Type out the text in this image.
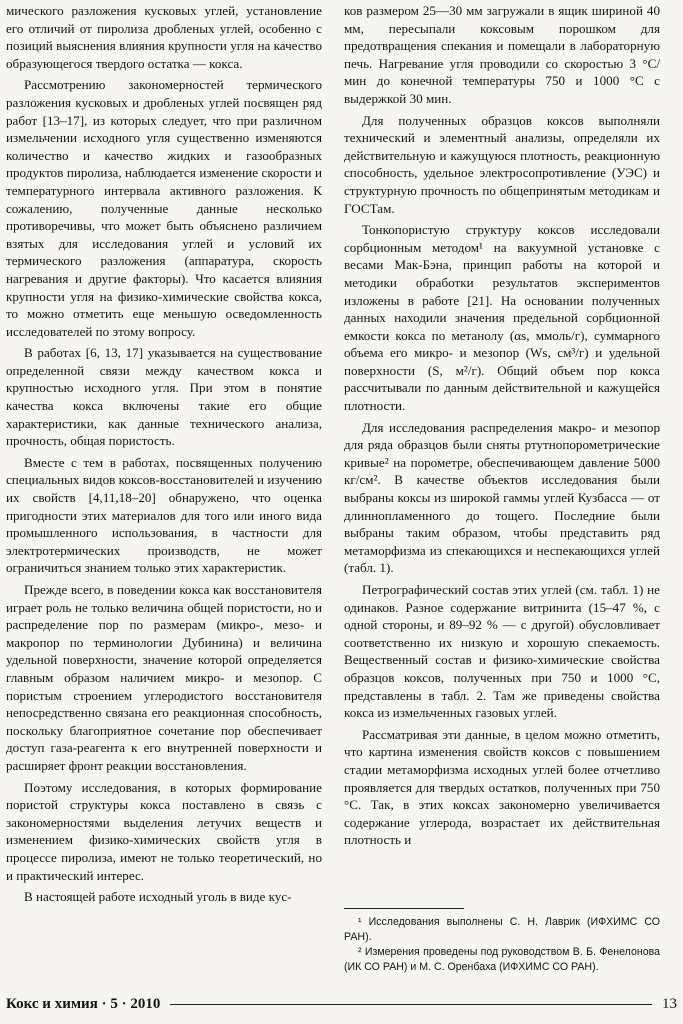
мического разложения кусковых углей, установление его отличий от пиролиза дробленых углей, особенно с позиций выяснения влияния крупности угля на качество образующегося твердого остатка — кокса.

Рассмотрению закономерностей термического разложения кусковых и дробленых углей посвящен ряд работ [13–17], из которых следует, что при различном измельчении исходного угля существенно изменяются количество и качество жидких и газообразных продуктов пиролиза, наблюдается изменение скорости и температурного интервала активного разложения. К сожалению, полученные данные несколько противоречивы, что может быть объяснено различием взятых для исследования углей и условий их термического разложения (аппаратура, скорость нагревания и другие факторы). Что касается влияния крупности угля на физико-химические свойства кокса, то можно отметить еще меньшую осведомленность исследователей по этому вопросу.

В работах [6, 13, 17] указывается на существование определенной связи между качеством кокса и крупностью исходного угля. При этом в понятие качества кокса включены такие его общие характеристики, как данные технического анализа, прочность, общая пористость.

Вместе с тем в работах, посвященных получению специальных видов коксов-восстановителей и изучению их свойств [4,11,18–20] обнаружено, что оценка пригодности этих материалов для того или иного вида промышленного использования, в частности для электротермических производств, не может ограничиться знанием только этих характеристик.

Прежде всего, в поведении кокса как восстановителя играет роль не только величина общей пористости, но и распределение пор по размерам (микро-, мезо- и макропор по терминологии Дубинина) и величина удельной поверхности, значение которой определяется главным образом наличием микро- и мезопор. С пористым строением углеродистого восстановителя непосредственно связана его реакционная способность, поскольку благоприятное сочетание пор обеспечивает доступ газа-реагента к его внутренней поверхности и расширяет фронт реакции восстановления.

Поэтому исследования, в которых формирование пористой структуры кокса поставлено в связь с закономерностями выделения летучих веществ и изменением физико-химических свойств угля в процессе пиролиза, имеют не только теоретический, но и практический интерес.

В настоящей работе исходный уголь в виде кус-

ков размером 25—30 мм загружали в ящик шириной 40 мм, пересыпали коксовым порошком для предотвращения спекания и помещали в лабораторную печь. Нагревание угля проводили со скоростью 3 °С/мин до конечной температуры 750 и 1000 °С с выдержкой 30 мин.

Для полученных образцов коксов выполняли технический и элементный анализы, определяли их действительную и кажущуюся плотность, реакционную способность, удельное электросопротивление (УЭС) и структурную прочность по общепринятым методикам и ГОСТам.

Тонкопористую структуру коксов исследовали сорбционным методом¹ на вакуумной установке с весами Мак-Бэна, принцип работы на которой и методики обработки результатов экспериментов изложены в работе [21]. На основании полученных данных находили значения предельной сорбционной емкости кокса по метанолу (αs, ммоль/г), суммарного объема его микро- и мезопор (Ws, см³/г) и удельной поверхности (S, м²/г). Общий объем пор кокса рассчитывали по данным действительной и кажущейся плотности.

Для исследования распределения макро- и мезопор для ряда образцов были сняты ртутнопорометрические кривые² на порометре, обеспечивающем давление 5000 кг/см². В качестве объектов исследования были выбраны коксы из широкой гаммы углей Кузбасса — от длиннопламенного до тощего. Последние были выбраны таким образом, чтобы представить ряд метаморфизма из спекающихся и неспекающихся углей (табл. 1).

Петрографический состав этих углей (см. табл. 1) не одинаков. Разное содержание витринита (15–47 %, с одной стороны, и 89–92 % — с другой) обусловливает соответственно их низкую и хорошую спекаемость. Вещественный состав и физико-химические свойства образцов коксов, полученных при 750 и 1000 °С, представлены в табл. 2. Там же приведены свойства кокса из измельченных газовых углей.

Рассматривая эти данные, в целом можно отметить, что картина изменения свойств коксов с повышением стадии метаморфизма исходных углей более отчетливо проявляется для твердых остатков, полученных при 750 °С. Так, в этих коксах закономерно увеличивается содержание углерода, возрастает их действительная плотность и

¹ Исследования выполнены С. Н. Лаврик (ИФХИМС СО РАН).

² Измерения проведены под руководством В. Б. Фенелонова (ИК СО РАН) и М. С. Оренбаха (ИФХИМС СО РАН).

Кокс и химия · 5 · 2010	13
